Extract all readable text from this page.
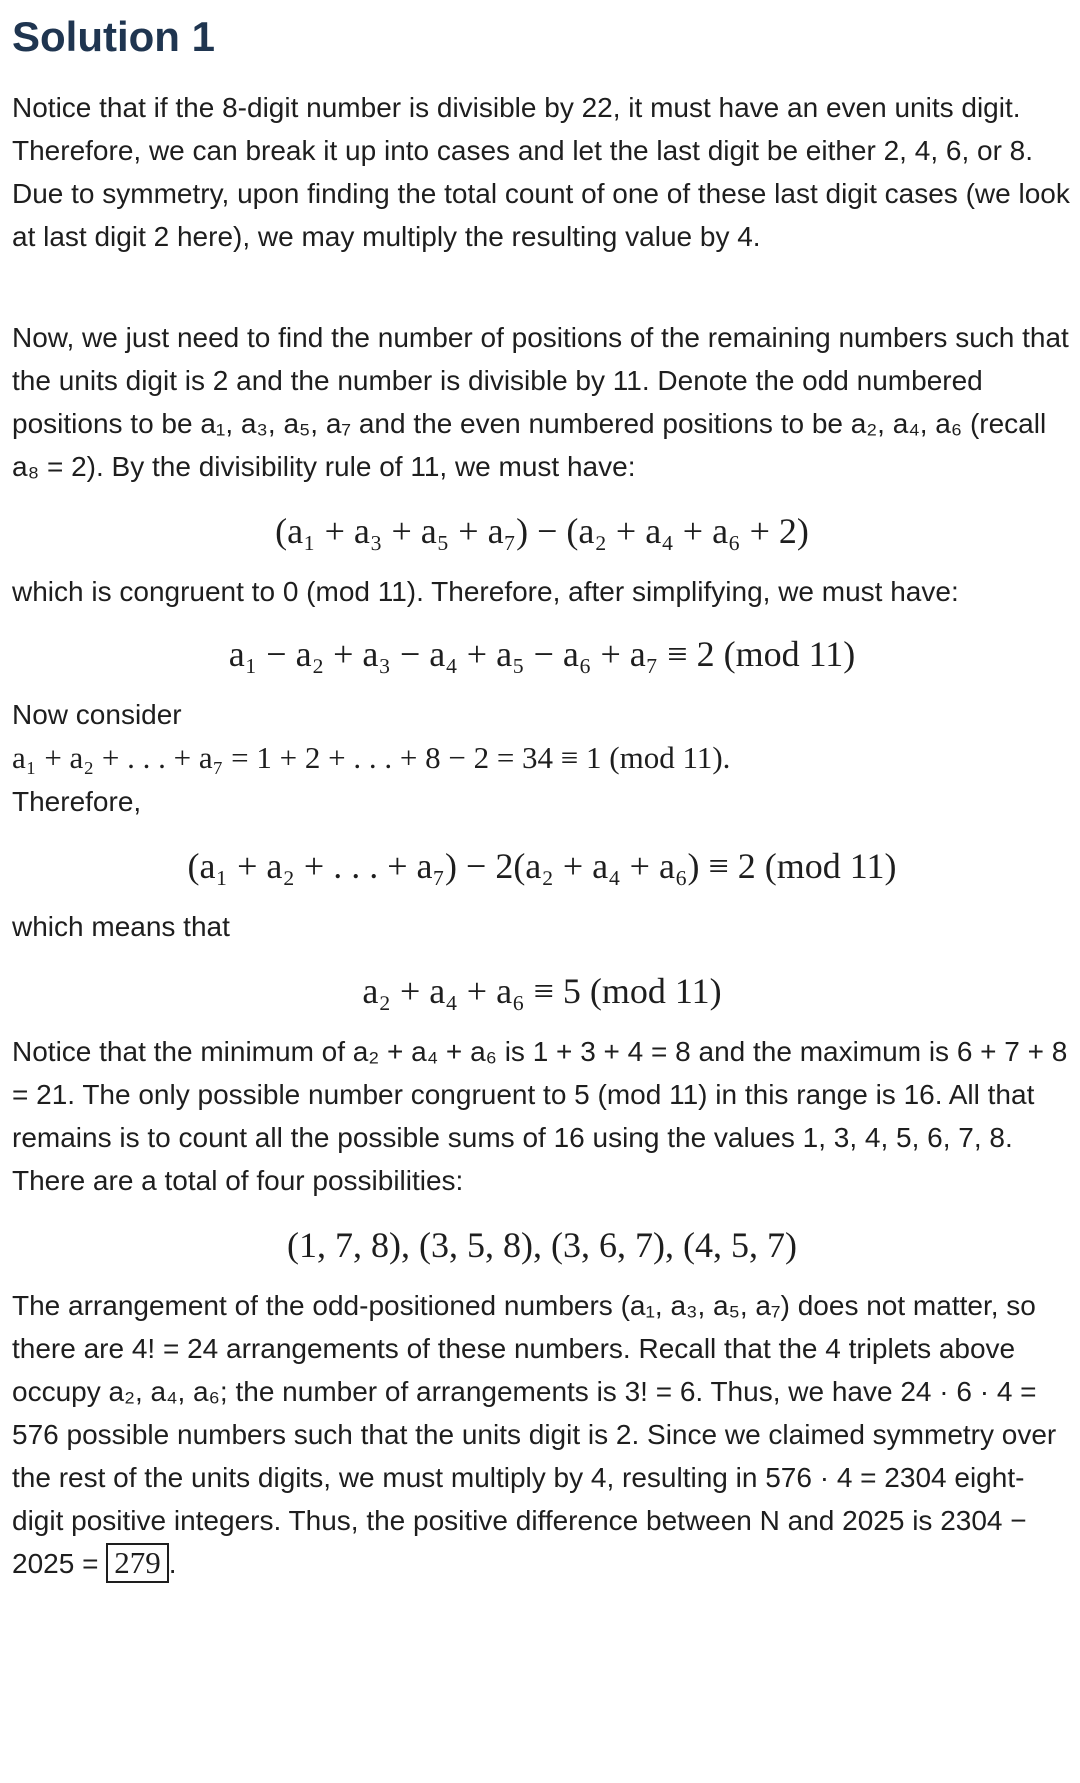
Solution 1

Notice that if the 8-digit number is divisible by 22, it must have an even units digit. Therefore, we can break it up into cases and let the last digit be either 2, 4, 6, or 8. Due to symmetry, upon finding the total count of one of these last digit cases (we look at last digit 2 here), we may multiply the resulting value by 4.

Now, we just need to find the number of positions of the remaining numbers such that the units digit is 2 and the number is divisible by 11. Denote the odd numbered positions to be a₁, a₃, a₅, a₇ and the even numbered positions to be a₂, a₄, a₆ (recall a₈ = 2). By the divisibility rule of 11, we must have:

(a₁ + a₃ + a₅ + a₇) − (a₂ + a₄ + a₆ + 2)

which is congruent to 0 (mod 11). Therefore, after simplifying, we must have:

a₁ − a₂ + a₃ − a₄ + a₅ − a₆ + a₇ ≡ 2 (mod 11)

Now consider
a₁ + a₂ + . . . + a₇ = 1 + 2 + . . . + 8 − 2 = 34 ≡ 1 (mod 11).
Therefore,

(a₁ + a₂ + . . . + a₇) − 2(a₂ + a₄ + a₆) ≡ 2 (mod 11)

which means that

a₂ + a₄ + a₆ ≡ 5 (mod 11)

Notice that the minimum of a₂ + a₄ + a₆ is 1 + 3 + 4 = 8 and the maximum is 6 + 7 + 8 = 21. The only possible number congruent to 5 (mod 11) in this range is 16. All that remains is to count all the possible sums of 16 using the values 1, 3, 4, 5, 6, 7, 8. There are a total of four possibilities:

(1, 7, 8), (3, 5, 8), (3, 6, 7), (4, 5, 7)

The arrangement of the odd-positioned numbers (a₁, a₃, a₅, a₇) does not matter, so there are 4! = 24 arrangements of these numbers. Recall that the 4 triplets above occupy a₂, a₄, a₆; the number of arrangements is 3! = 6. Thus, we have 24 · 6 · 4 = 576 possible numbers such that the units digit is 2. Since we claimed symmetry over the rest of the units digits, we must multiply by 4, resulting in 576 · 4 = 2304 eight-digit positive integers. Thus, the positive difference between N and 2025 is 2304 − 2025 = 279 .
